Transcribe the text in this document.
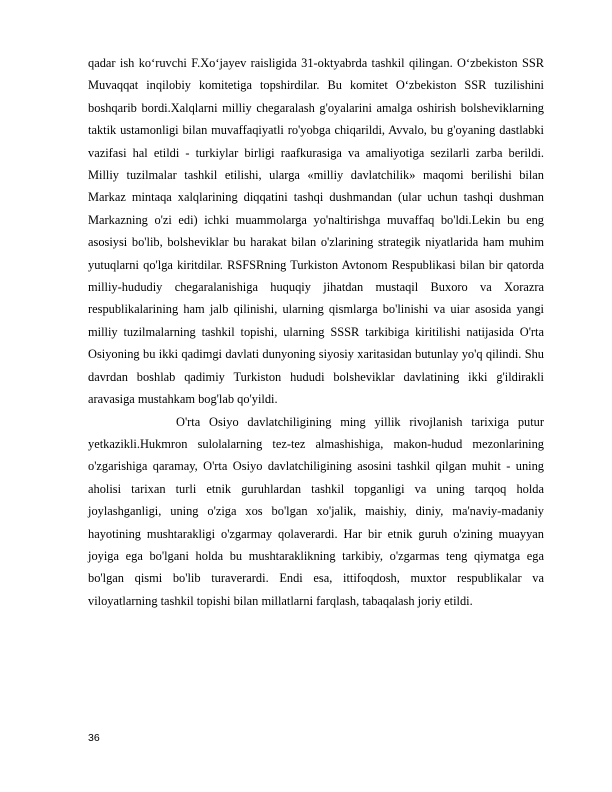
qadar ish ko‘ruvchi F.Xo‘jayev raisligida 31-oktyabrda tashkil qilingan. O‘zbekiston SSR Muvaqqat inqilobiy komitetiga topshirdilar. Bu komitet O‘zbekiston SSR tuzilishini boshqarib bordi.Xalqlarni milliy chegaralash g'oyalarini amalga oshirish bolsheviklarning taktik ustamonligi bilan muvaffaqiyatli ro'yobga chiqarildi, Avvalo, bu g'oyaning dastlabki vazifasi hal etildi - turkiylar birligi raafkurasiga va amaliyotiga sezilarli zarba berildi. Milliy tuzilmalar tashkil etilishi, ularga «milliy davlatchilik» maqomi berilishi bilan Markaz mintaqa xalqlarining diqqatini tashqi dushmandan (ular uchun tashqi dushman Markazning o'zi edi) ichki muammolarga yo'naltirishga muvaffaq bo'ldi.Lekin bu eng asosiysi bo'lib, bolsheviklar bu harakat bilan o'zlarining strategik niyatlarida ham muhim yutuqlarni qo'lga kiritdilar. RSFSRning Turkiston Avtonom Respublikasi bilan bir qatorda milliy-hududiy chegaralanishiga huquqiy jihatdan mustaqil Buxoro va Xorazra respublikalarining ham jalb qilinishi, ularning qismlarga bo'linishi va uiar asosida yangi milliy tuzilmalarning tashkil topishi, ularning SSSR tarkibiga kiritilishi natijasida O'rta Osiyoning bu ikki qadimgi davlati dunyoning siyosiy xaritasidan butunlay yo'q qilindi. Shu davrdan boshlab qadimiy Turkiston hududi bolsheviklar davlatining ikki g'ildirakli aravasiga mustahkam bog'lab qo'yildi.

O'rta Osiyo davlatchiligining ming yillik rivojlanish tarixiga putur yetkazikli.Hukmron sulolalarning tez-tez almashishiga, makon-hudud mezonlarining o'zgarishiga qaramay, O'rta Osiyo davlatchiligining asosini tashkil qilgan muhit - uning aholisi tarixan turli etnik guruhlardan tashkil topganligi va uning tarqoq holda joylashganligi, uning o'ziga xos bo'lgan xo'jalik, maishiy, diniy, ma'naviy-madaniy hayotining mushtarakligi o'zgarmay qolaverardi. Har bir etnik guruh o'zining muayyan joyiga ega bo'lgani holda bu mushtaraklikning tarkibiy, o'zgarmas teng qiymatga ega bo'lgan qismi bo'lib turaverardi. Endi esa, ittifoqdosh, muxtor respublikalar va viloyatlarning tashkil topishi bilan millatlarni farqlash, tabaqalash joriy etildi.

36
